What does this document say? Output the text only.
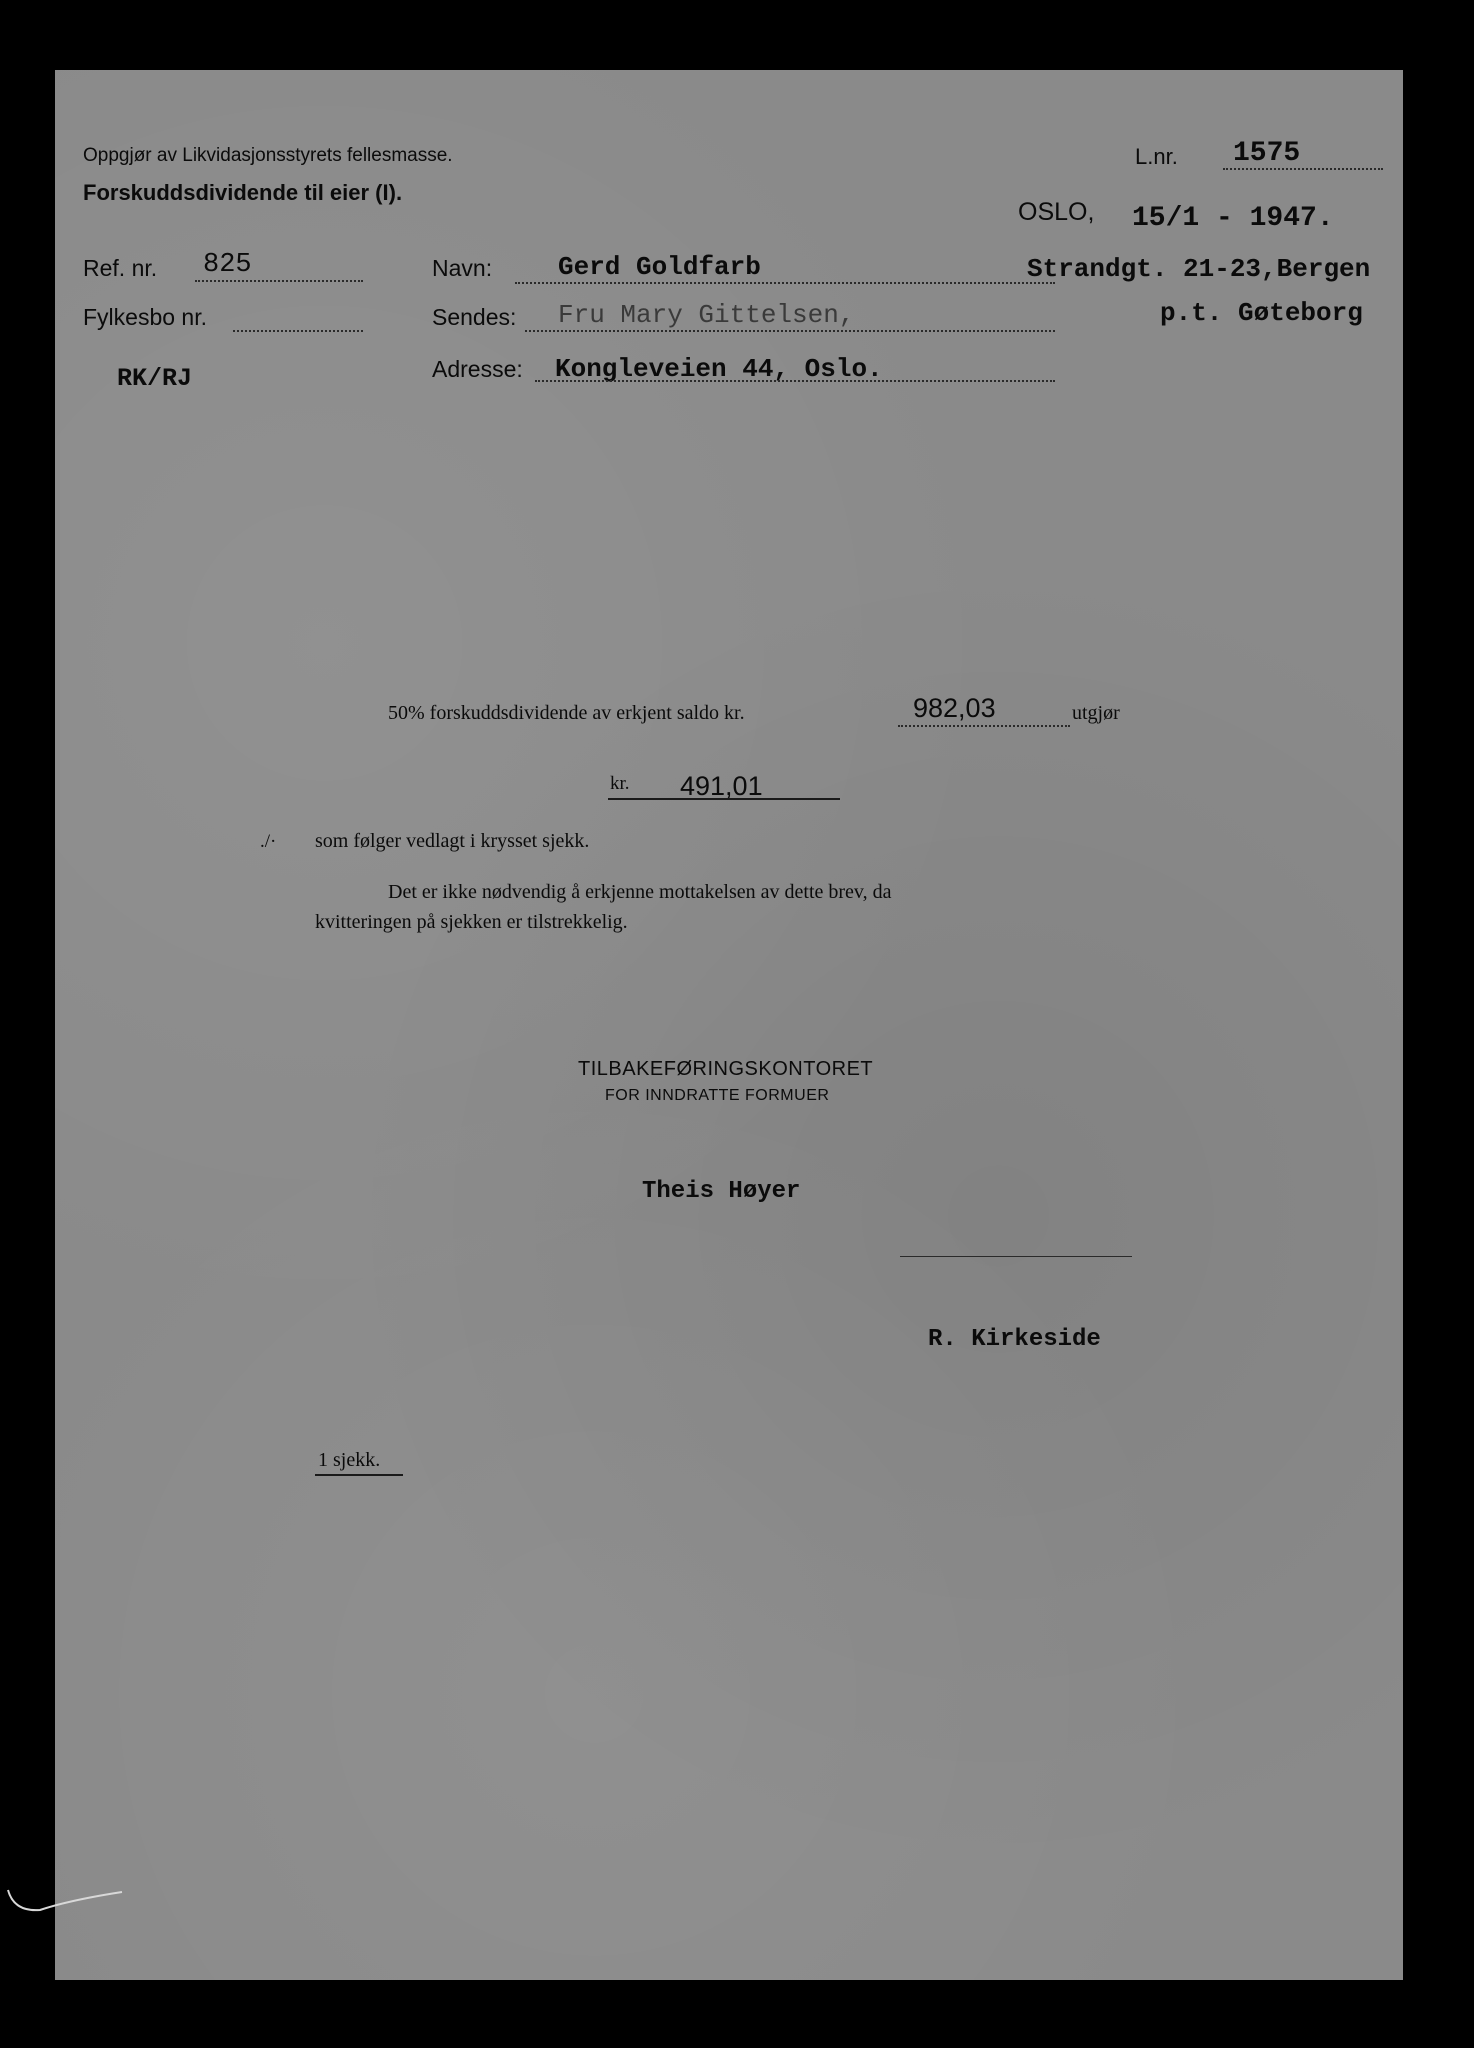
Oppgjør av Likvidasjonsstyrets fellesmasse.
Forskuddsdividende til eier (I).
L.nr. 1575
OSLO, 15/1 - 1947.
Ref. nr. 825
Fylkesbo nr.
RK/RJ
Navn:	Gerd Goldfarb	Strandgt. 21-23,Bergen
p.t. Gøteborg
Sendes: Fru Mary Gittelsen,
Adresse: Kongleveien 44, Oslo.
50% forskuddsdividende av erkjent saldo kr.	982,03	utgjør
kr. 491,01
./· som følger vedlagt i krysset sjekk.
Det er ikke nødvendig å erkjenne mottakelsen av dette brev, da
kvitteringen på sjekken er tilstrekkelig.
TILBAKEFØRINGSKONTORET
FOR INNDRATTE FORMUER
Theis Høyer
R. Kirkeside
1 sjekk.
